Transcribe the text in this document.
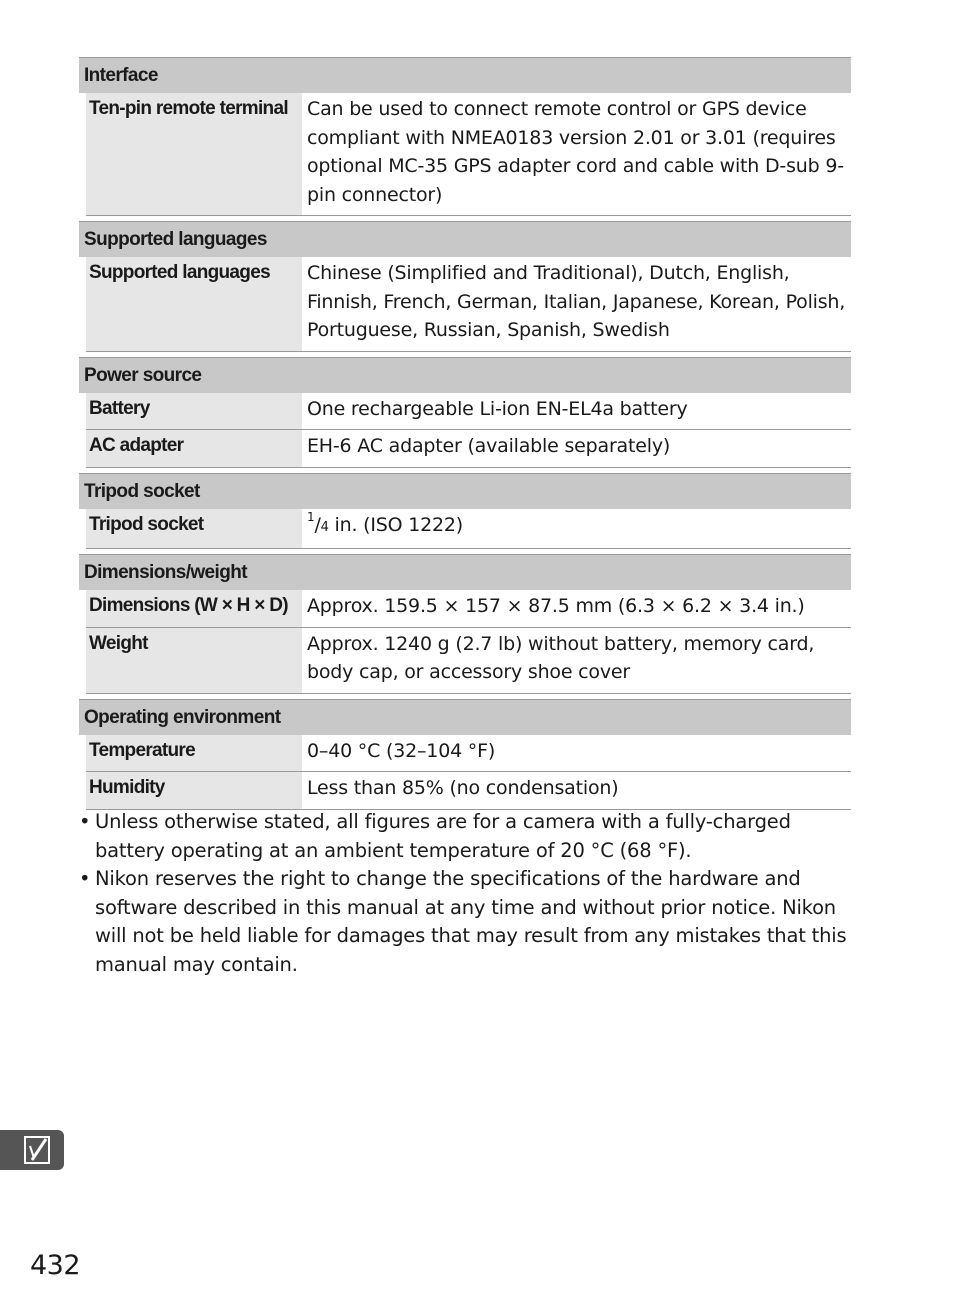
Interface
Ten-pin remote terminal	Can be used to connect remote control or GPS device compliant with NMEA0183 version 2.01 or 3.01 (requires optional MC-35 GPS adapter cord and cable with D-sub 9-pin connector)
Supported languages
Supported languages	Chinese (Simplified and Traditional), Dutch, English, Finnish, French, German, Italian, Japanese, Korean, Polish, Portuguese, Russian, Spanish, Swedish
Power source
Battery	One rechargeable Li-ion EN-EL4a battery
AC adapter	EH-6 AC adapter (available separately)
Tripod socket
Tripod socket	$^1$/4 in. (ISO 1222)
Dimensions/weight
Dimensions (W × H × D)	Approx. 159.5 × 157 × 87.5 mm (6.3 × 6.2 × 3.4 in.)
Weight	Approx. 1240 g (2.7 lb) without battery, memory card, body cap, or accessory shoe cover
Operating environment
Temperature	0–40 °C (32–104 °F)
Humidity	Less than 85% (no condensation)
• Unless otherwise stated, all figures are for a camera with a fully-charged battery operating at an ambient temperature of 20 °C (68 °F).
• Nikon reserves the right to change the specifications of the hardware and software described in this manual at any time and without prior notice. Nikon will not be held liable for damages that may result from any mistakes that this manual may contain.
432
